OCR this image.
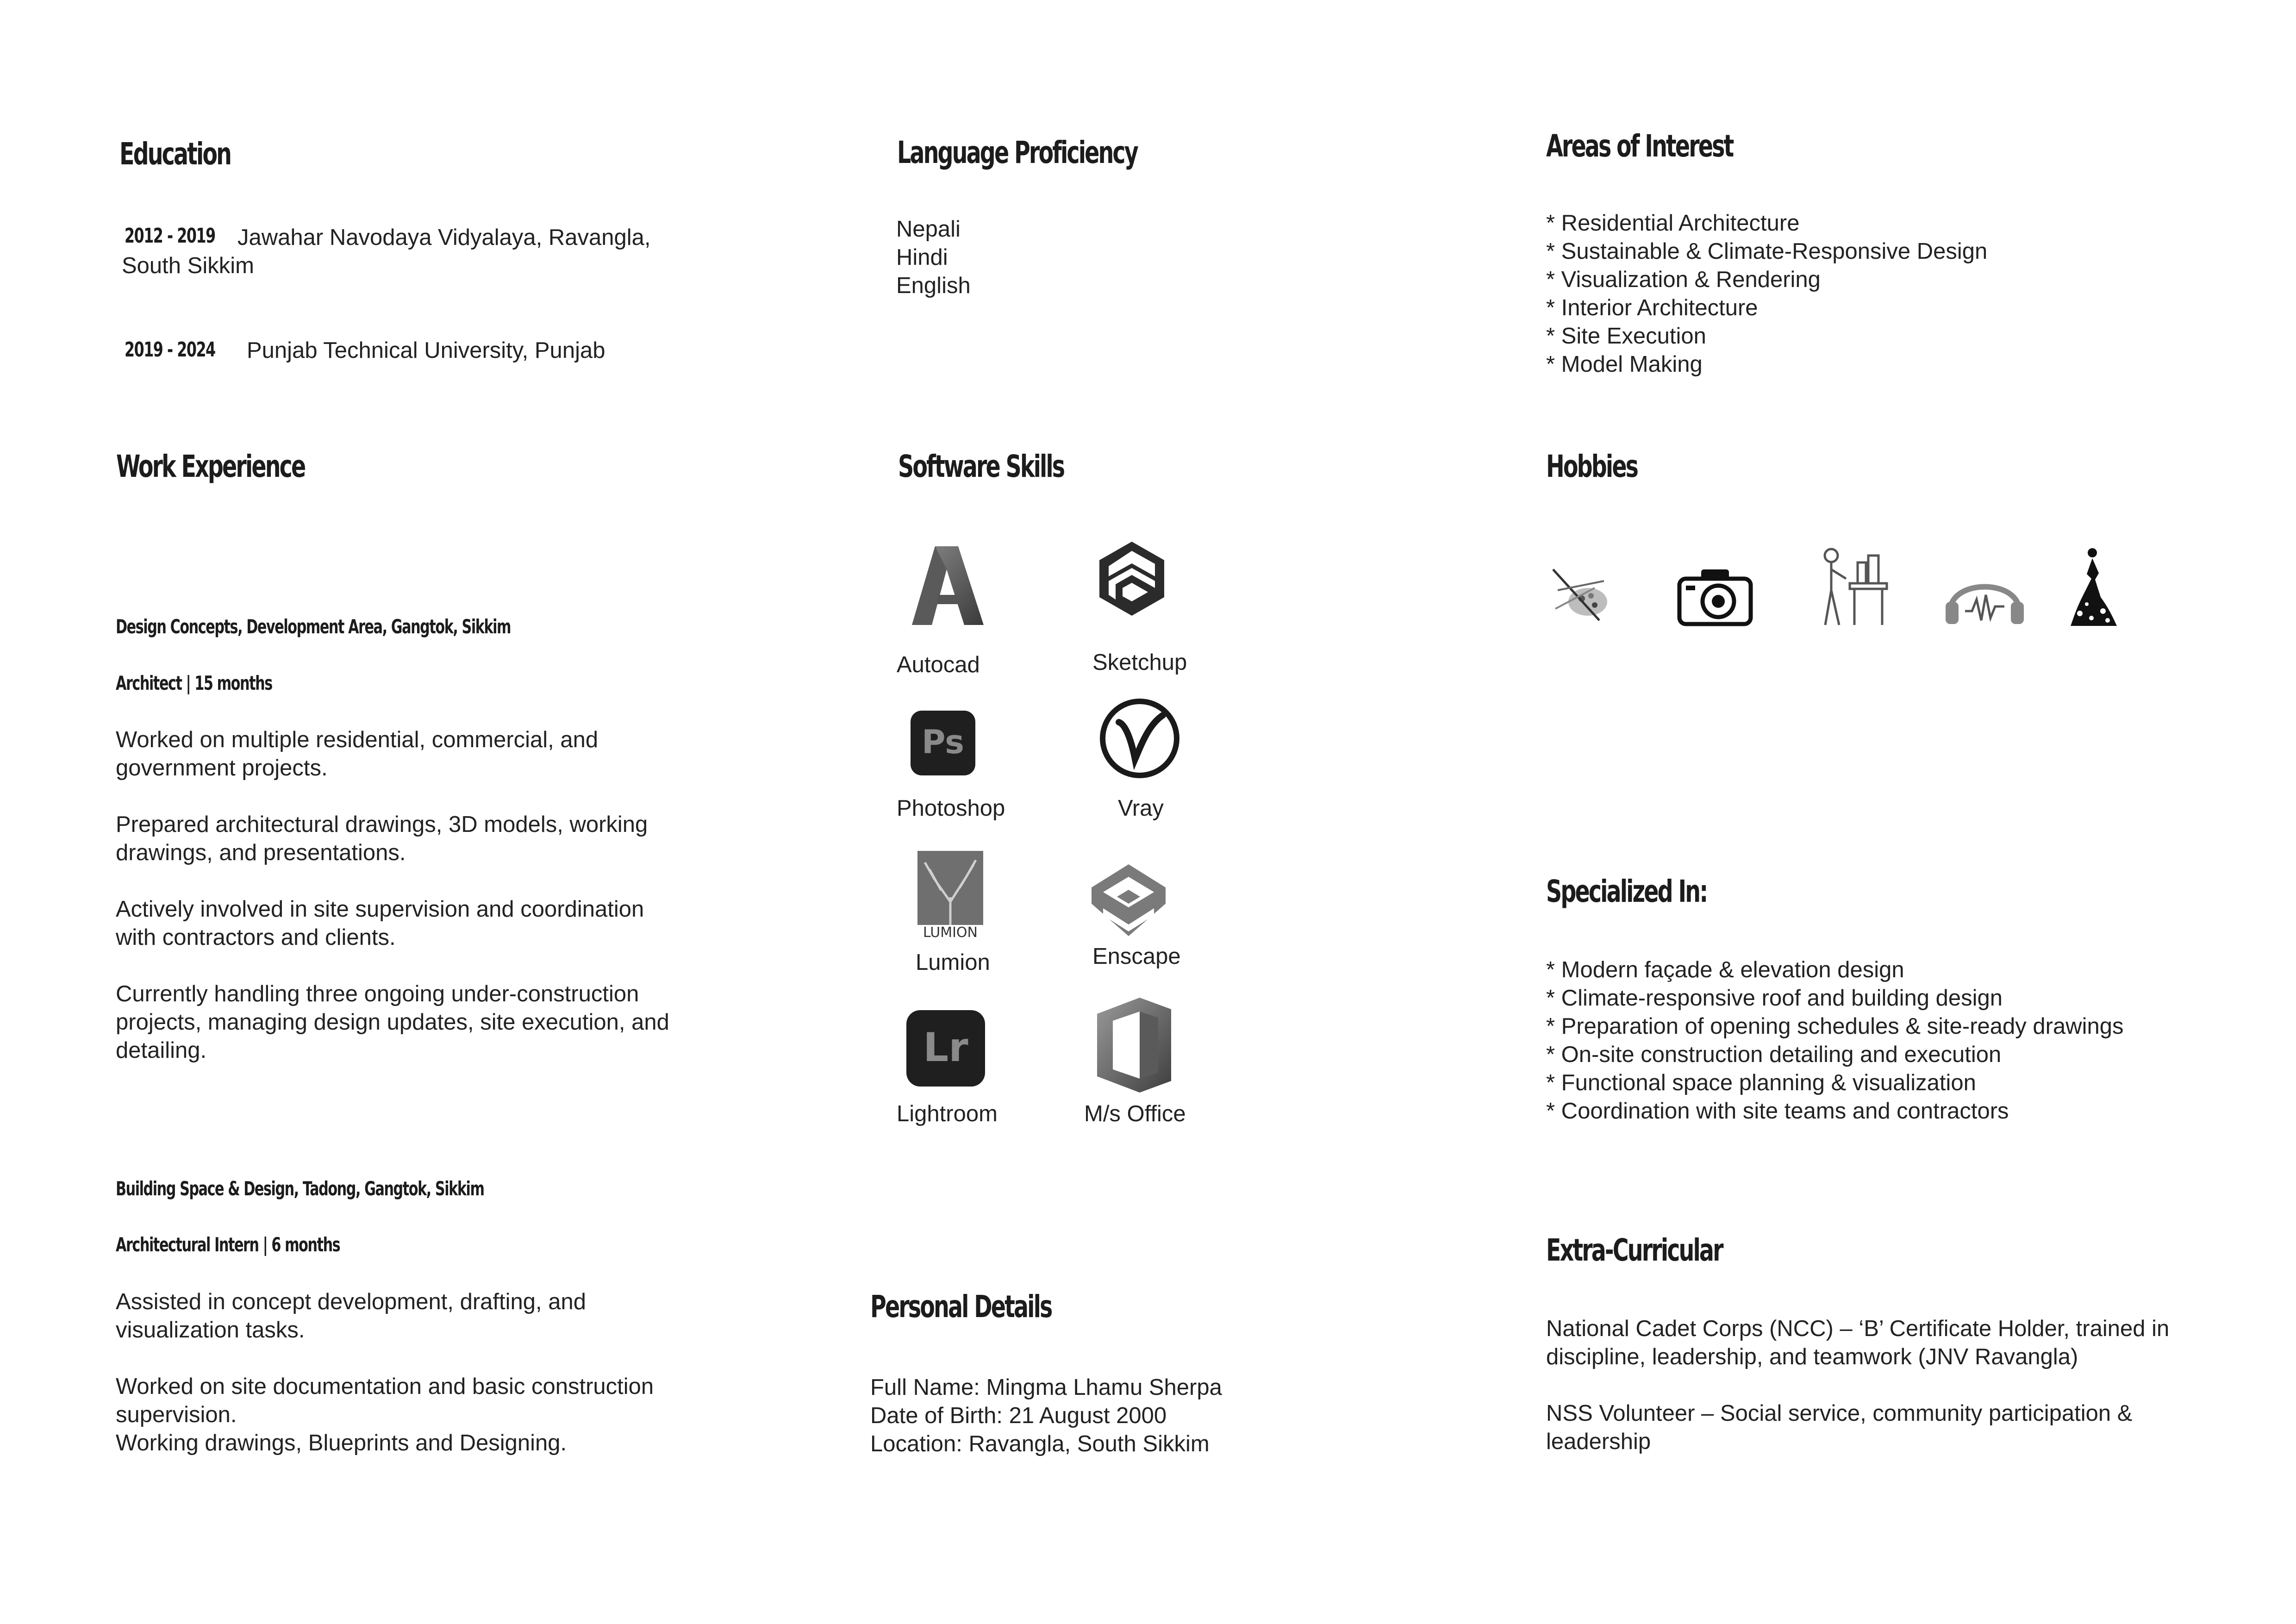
Education
2012 - 2019 Jawahar Navodaya Vidyalaya, Ravangla,
South Sikkim
2019 - 2024 Punjab Technical University, Punjab
Work Experience
Design Concepts, Development Area, Gangtok, Sikkim
Architect | 15 months
Worked on multiple residential, commercial, and
government projects.
Prepared architectural drawings, 3D models, working
drawings, and presentations.
Actively involved in site supervision and coordination
with contractors and clients.
Currently handling three ongoing under-construction
projects, managing design updates, site execution, and
detailing.
Building Space & Design, Tadong, Gangtok, Sikkim
Architectural Intern | 6 months
Assisted in concept development, drafting, and
visualization tasks.
Worked on site documentation and basic construction
supervision.
Working drawings, Blueprints and Designing.
Language Proficiency
Nepali
Hindi
English
Software Skills
Autocad	Sketchup
Ps
Photoshop	Vray
LUMION
Lumion	Enscape
Lr
Lightroom	M/s Office
Personal Details
Full Name: Mingma Lhamu Sherpa
Date of Birth: 21 August 2000
Location: Ravangla, South Sikkim
Areas of Interest
* Residential Architecture
* Sustainable & Climate-Responsive Design
* Visualization & Rendering
* Interior Architecture
* Site Execution
* Model Making
Hobbies
Specialized In:
* Modern façade & elevation design
* Climate-responsive roof and building design
* Preparation of opening schedules & site-ready drawings
* On-site construction detailing and execution
* Functional space planning & visualization
* Coordination with site teams and contractors
Extra-Curricular
National Cadet Corps (NCC) – ‘B’ Certificate Holder, trained in
discipline, leadership, and teamwork (JNV Ravangla)
NSS Volunteer – Social service, community participation &
leadership
